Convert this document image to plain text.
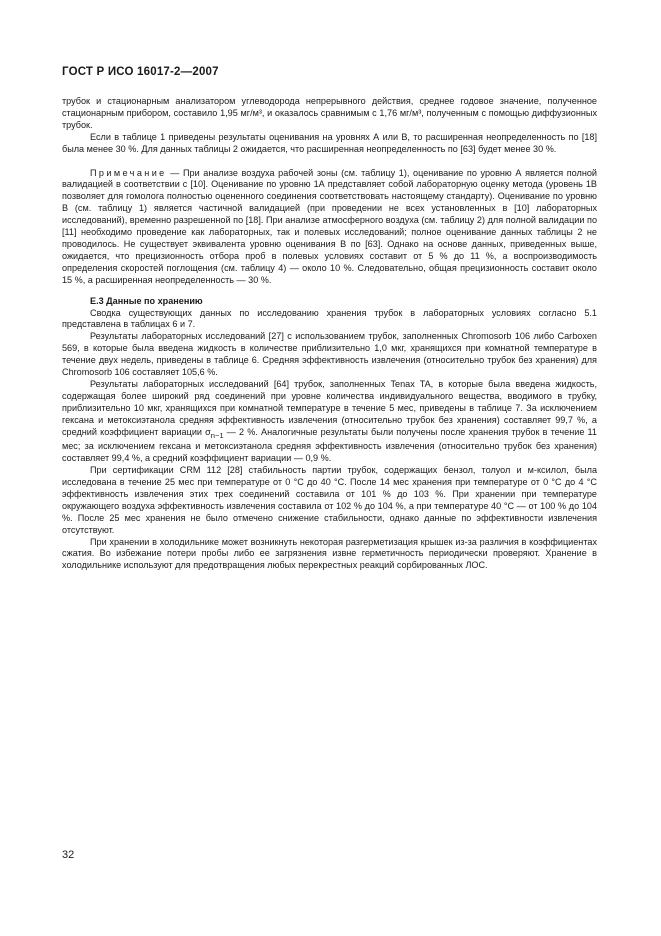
ГОСТ Р ИСО 16017-2—2007

трубок и стационарным анализатором углеводорода непрерывного действия, среднее годовое значение, полученное стационарным прибором, составило 1,95 мг/м³, и оказалось сравнимым с 1,76 мг/м³, полученным с помощью диффузионных трубок.

Если в таблице 1 приведены результаты оценивания на уровнях А или В, то расширенная неопределенность по [18] была менее 30 %. Для данных таблицы 2 ожидается, что расширенная неопределенность по [63] будет менее 30 %.

Примечание — При анализе воздуха рабочей зоны (см. таблицу 1), оценивание по уровню А является полной валидацией в соответствии с [10]. Оценивание по уровню 1А представляет собой лабораторную оценку метода (уровень 1В позволяет для гомолога полностью оцененного соединения соответствовать настоящему стандарту). Оценивание по уровню В (см. таблицу 1) является частичной валидацией (при проведении не всех установленных в [10] лабораторных исследований), временно разрешенной по [18]. При анализе атмосферного воздуха (см. таблицу 2) для полной валидации по [11] необходимо проведение как лабораторных, так и полевых исследований; полное оценивание данных таблицы 2 не проводилось. Не существует эквивалента уровню оценивания В по [63]. Однако на основе данных, приведенных выше, ожидается, что прецизионность отбора проб в полевых условиях составит от 5 % до 11 %, а воспроизводимость определения скоростей поглощения (см. таблицу 4) — около 10 %. Следовательно, общая прецизионность составит около 15 %, а расширенная неопределенность — 30 %.

Е.3 Данные по хранению

Сводка существующих данных по исследованию хранения трубок в лабораторных условиях согласно 5.1 представлена в таблицах 6 и 7.

Результаты лабораторных исследований [27] с использованием трубок, заполненных Chromosorb 106 либо Carboxen 569, в которые была введена жидкость в количестве приблизительно 1,0 мкг, хранящихся при комнатной температуре в течение двух недель, приведены в таблице 6. Средняя эффективность извлечения (относительно трубок без хранения) для Chromosorb 106 составляет 105,6 %.

Результаты лабораторных исследований [64] трубок, заполненных Tenax TA, в которые была введена жидкость, содержащая более широкий ряд соединений при уровне количества индивидуального вещества, вводимого в трубку, приблизительно 10 мкг, хранящихся при комнатной температуре в течение 5 мес, приведены в таблице 7. За исключением гексана и метоксиэтанола средняя эффективность извлечения (относительно трубок без хранения) составляет 99,7 %, а средний коэффициент вариации $\sigma_{n-1}$ — 2 %. Аналогичные результаты были получены после хранения трубок в течение 11 мес; за исключением гексана и метоксиэтанола средняя эффективность извлечения (относительно трубок без хранения) составляет 99,4 %, а средний коэффициент вариации — 0,9 %.

При сертификации CRM 112 [28] стабильность партии трубок, содержащих бензол, толуол и м-ксилол, была исследована в течение 25 мес при температуре от 0 °С до 40 °С. После 14 мес хранения при температуре от 0 °С до 4 °С эффективность извлечения этих трех соединений составила от 101 % до 103 %. При хранении при температуре окружающего воздуха эффективность извлечения составила от 102 % до 104 %, а при температуре 40 °С — от 100 % до 104 %. После 25 мес хранения не было отмечено снижение стабильности, однако данные по эффективности извлечения отсутствуют.

При хранении в холодильнике может возникнуть некоторая разгерметизация крышек из-за различия в коэффициентах сжатия. Во избежание потери пробы либо ее загрязнения извне герметичность периодически проверяют. Хранение в холодильнике используют для предотвращения любых перекрестных реакций сорбированных ЛОС.

32
